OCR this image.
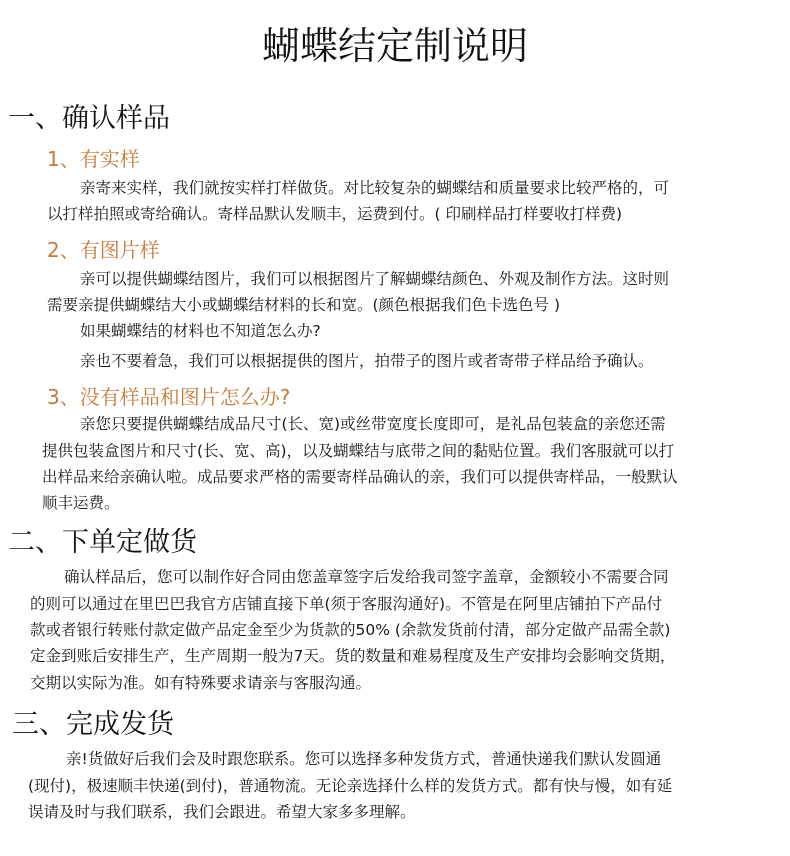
蝴蝶结定制说明
一、确认样品
1、有实样
亲寄来实样，我们就按实样打样做货。对比较复杂的蝴蝶结和质量要求比较严格的，可
以打样拍照或寄给确认。寄样品默认发顺丰，运费到付。( 印刷样品打样要收打样费)
2、有图片样
亲可以提供蝴蝶结图片，我们可以根据图片了解蝴蝶结颜色、外观及制作方法。这时则
需要亲提供蝴蝶结大小或蝴蝶结材料的长和宽。(颜色根据我们色卡选色号 )
如果蝴蝶结的材料也不知道怎么办?
亲也不要着急，我们可以根据提供的图片，拍带子的图片或者寄带子样品给予确认。
3、没有样品和图片怎么办?
亲您只要提供蝴蝶结成品尺寸(长、宽)或丝带宽度长度即可，是礼品包装盒的亲您还需
提供包装盒图片和尺寸(长、宽、高)，以及蝴蝶结与底带之间的黏贴位置。我们客服就可以打
出样品来给亲确认啦。成品要求严格的需要寄样品确认的亲，我们可以提供寄样品，一般默认
顺丰运费。
二、下单定做货
确认样品后，您可以制作好合同由您盖章签字后发给我司签字盖章，金额较小不需要合同
的则可以通过在里巴巴我官方店铺直接下单(须于客服沟通好)。不管是在阿里店铺拍下产品付
款或者银行转账付款定做产品定金至少为货款的50% (余款发货前付清，部分定做产品需全款)
定金到账后安排生产，生产周期一般为7天。货的数量和难易程度及生产安排均会影响交货期，
交期以实际为准。如有特殊要求请亲与客服沟通。
三、完成发货
亲!货做好后我们会及时跟您联系。您可以选择多种发货方式，普通快递我们默认发圆通
(现付)，极速顺丰快递(到付)，普通物流。无论亲选择什么样的发货方式。都有快与慢，如有延
误请及时与我们联系，我们会跟进。希望大家多多理解。
